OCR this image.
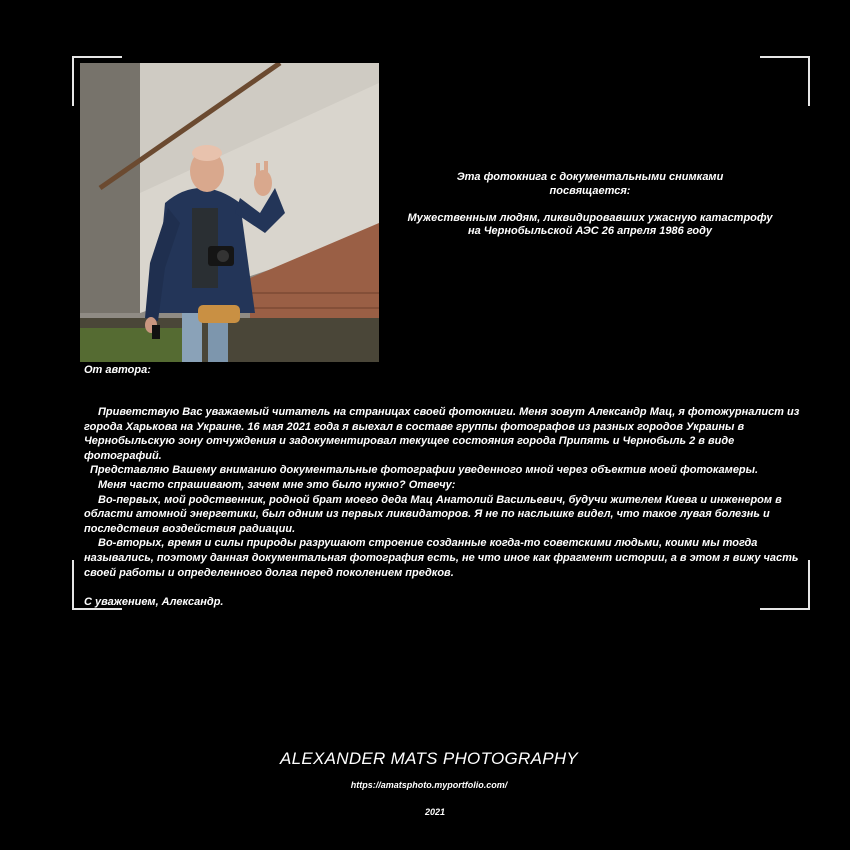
Эта фотокнига с документальными снимками

посвящается:

Мужественным людям, ликвидировавших ужасную катастрофу

на Чернобыльской АЭС 26 апреля 1986 году

От автора:

Приветствую Вас уважаемый читатель на страницах своей фотокниги. Меня зовут Александр Мац, я фотожурналист из города Харькова на Украине. 16 мая 2021 года я выехал в составе группы фотографов из разных городов Украины в Чернобыльскую зону отчуждения и задокументировал текущее состояния города Припять и Чернобыль 2 в виде фотографий.

Представляю Вашему вниманию документальные фотографии уведенного мной через объектив моей фотокамеры.

Меня часто спрашивают, зачем мне это было нужно? Отвечу:

Во-первых, мой родственник, родной брат моего деда Мац Анатолий Васильевич, будучи жителем Киева и инженером в области атомной энергетики, был одним из первых ликвидаторов. Я не по наслышке видел, что такое лувая болезнь и последствия воздействия радиации.

Во-вторых, время и силы природы разрушают строение созданные когда-то советскими людьми, коими мы тогда назывались, поэтому данная документальная фотография есть, не что иное как фрагмент истории, а в этом я вижу часть своей работы и определенного долга перед поколением предков.

С уважением, Александр.

ALEXANDER MATS PHOTOGRAPHY
https://amatsphoto.myportfolio.com/
2021
